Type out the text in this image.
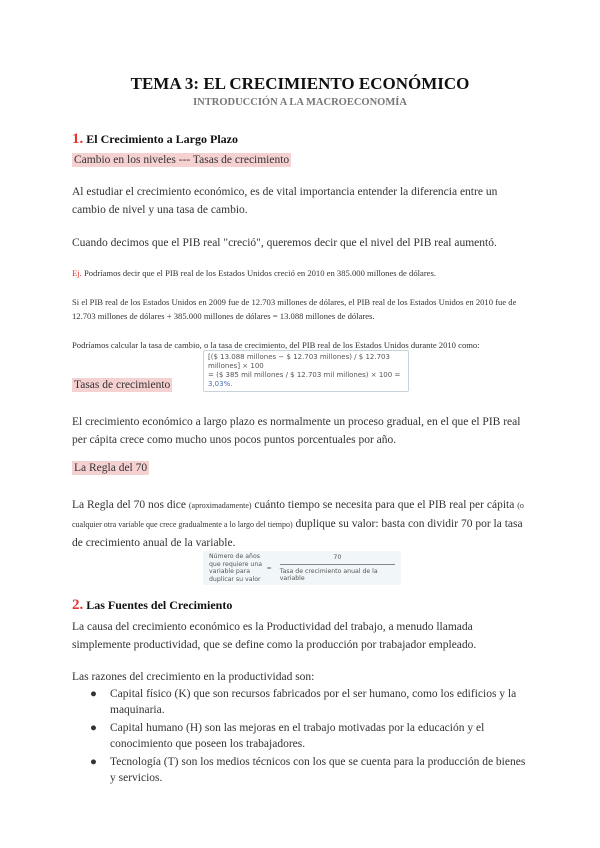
TEMA 3: EL CRECIMIENTO ECONÓMICO
INTRODUCCIÓN A LA MACROECONOMÍA
1. El Crecimiento a Largo Plazo
Cambio en los niveles --- Tasas de crecimiento
Al estudiar el crecimiento económico, es de vital importancia entender la diferencia entre un cambio de nivel y una tasa de cambio.
Cuando decimos que el PIB real "creció", queremos decir que el nivel del PIB real aumentó.
Ej. Podríamos decir que el PIB real de los Estados Unidos creció en 2010 en 385.000 millones de dólares.
Si el PIB real de los Estados Unidos en 2009 fue de 12.703 millones de dólares, el PIB real de los Estados Unidos en 2010 fue de 12.703 millones de dólares + 385.000 millones de dólares = 13.088 millones de dólares.
Podríamos calcular la tasa de cambio, o la tasa de crecimiento, del PIB real de los Estados Unidos durante 2010 como:
[($ 13.088 millones − $ 12.703 millones) / $ 12.703 millones] × 100
= ($ 385 mil millones / $ 12.703 mil millones) × 100 = 3,03%.
Tasas de crecimiento
El crecimiento económico a largo plazo es normalmente un proceso gradual, en el que el PIB real per cápita crece como mucho unos pocos puntos porcentuales por año.
La Regla del 70
La Regla del 70 nos dice (aproximadamente) cuánto tiempo se necesita para que el PIB real per cápita (o cualquier otra variable que crece gradualmente a lo largo del tiempo) duplique su valor: basta con dividir 70 por la tasa de crecimiento anual de la variable.
Número de años que requiere una variable para duplicar su valor
= $\frac{70}{\text{Tasa de crecimiento anual de la variable}}$
2. Las Fuentes del Crecimiento
La causa del crecimiento económico es la Productividad del trabajo, a menudo llamada simplemente productividad, que se define como la producción por trabajador empleado.
Las razones del crecimiento en la productividad son:
● Capital físico (K) que son recursos fabricados por el ser humano, como los edificios y la maquinaria.
● Capital humano (H) son las mejoras en el trabajo motivadas por la educación y el conocimiento que poseen los trabajadores.
● Tecnología (T) son los medios técnicos con los que se cuenta para la producción de bienes y servicios.
